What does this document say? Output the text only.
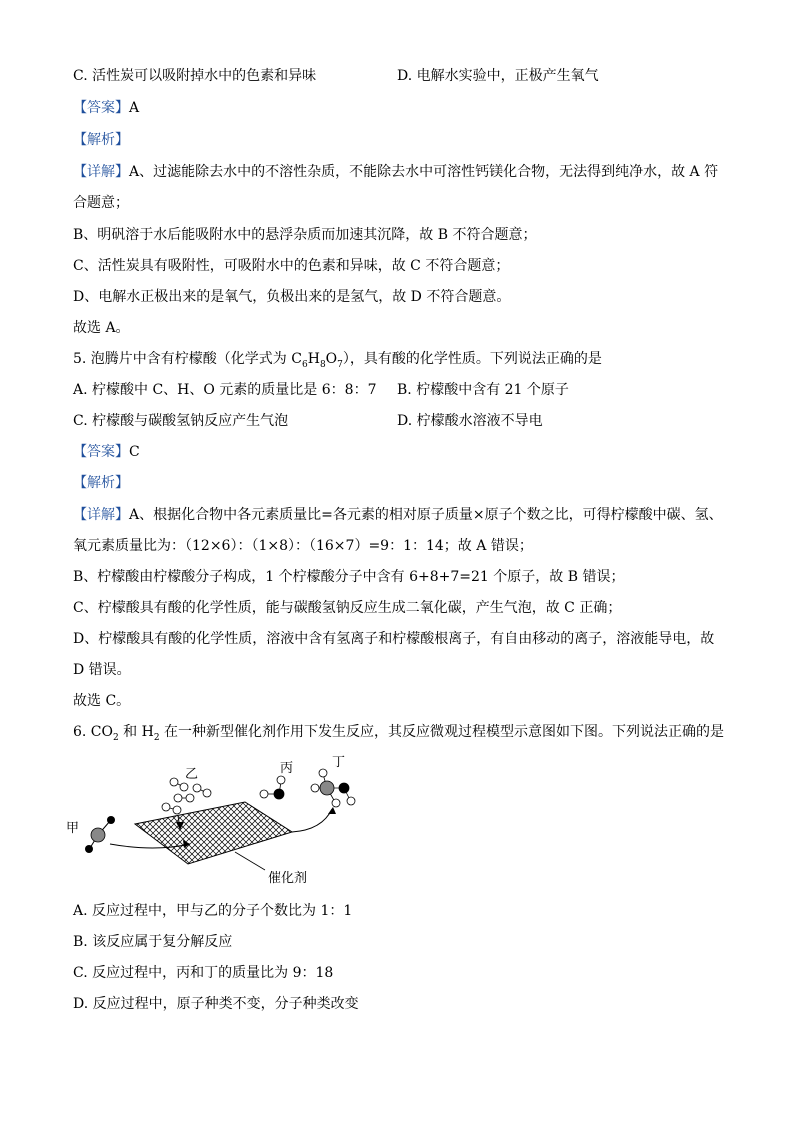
C. 活性炭可以吸附掉水中的色素和异味	D. 电解水实验中，正极产生氧气
【答案】A
【解析】
【详解】A、过滤能除去水中的不溶性杂质，不能除去水中可溶性钙镁化合物，无法得到纯净水，故 A 符
合题意；
B、明矾溶于水后能吸附水中的悬浮杂质而加速其沉降，故 B 不符合题意；
C、活性炭具有吸附性，可吸附水中的色素和异味，故 C 不符合题意；
D、电解水正极出来的是氧气，负极出来的是氢气，故 D 不符合题意。
故选 A。
5. 泡腾片中含有柠檬酸（化学式为 $C_6H_8O_7$），具有酸的化学性质。下列说法正确的是
A. 柠檬酸中 C、H、O 元素的质量比是 6：8：7 B. 柠檬酸中含有 21 个原子
C. 柠檬酸与碳酸氢钠反应产生气泡	D. 柠檬酸水溶液不导电
【答案】C
【解析】
【详解】A、根据化合物中各元素质量比=各元素的相对原子质量×原子个数之比，可得柠檬酸中碳、氢、
氧元素质量比为：（12×6）：（1×8）：（16×7）=9：1：14；故 A 错误；
B、柠檬酸由柠檬酸分子构成，1 个柠檬酸分子中含有 6+8+7=21 个原子，故 B 错误；
C、柠檬酸具有酸的化学性质，能与碳酸氢钠反应生成二氧化碳，产生气泡，故 C 正确；
D、柠檬酸具有酸的化学性质，溶液中含有氢离子和柠檬酸根离子，有自由移动的离子，溶液能导电，故
D 错误。
故选 C。
6. $CO_2$ 和 $H_2$ 在一种新型催化剂作用下发生反应，其反应微观过程模型示意图如下图。下列说法正确的是
催化剂
甲
乙	丙	丁
A. 反应过程中，甲与乙的分子个数比为 1：1
B. 该反应属于复分解反应
C. 反应过程中，丙和丁的质量比为 9：18
D. 反应过程中，原子种类不变，分子种类改变
